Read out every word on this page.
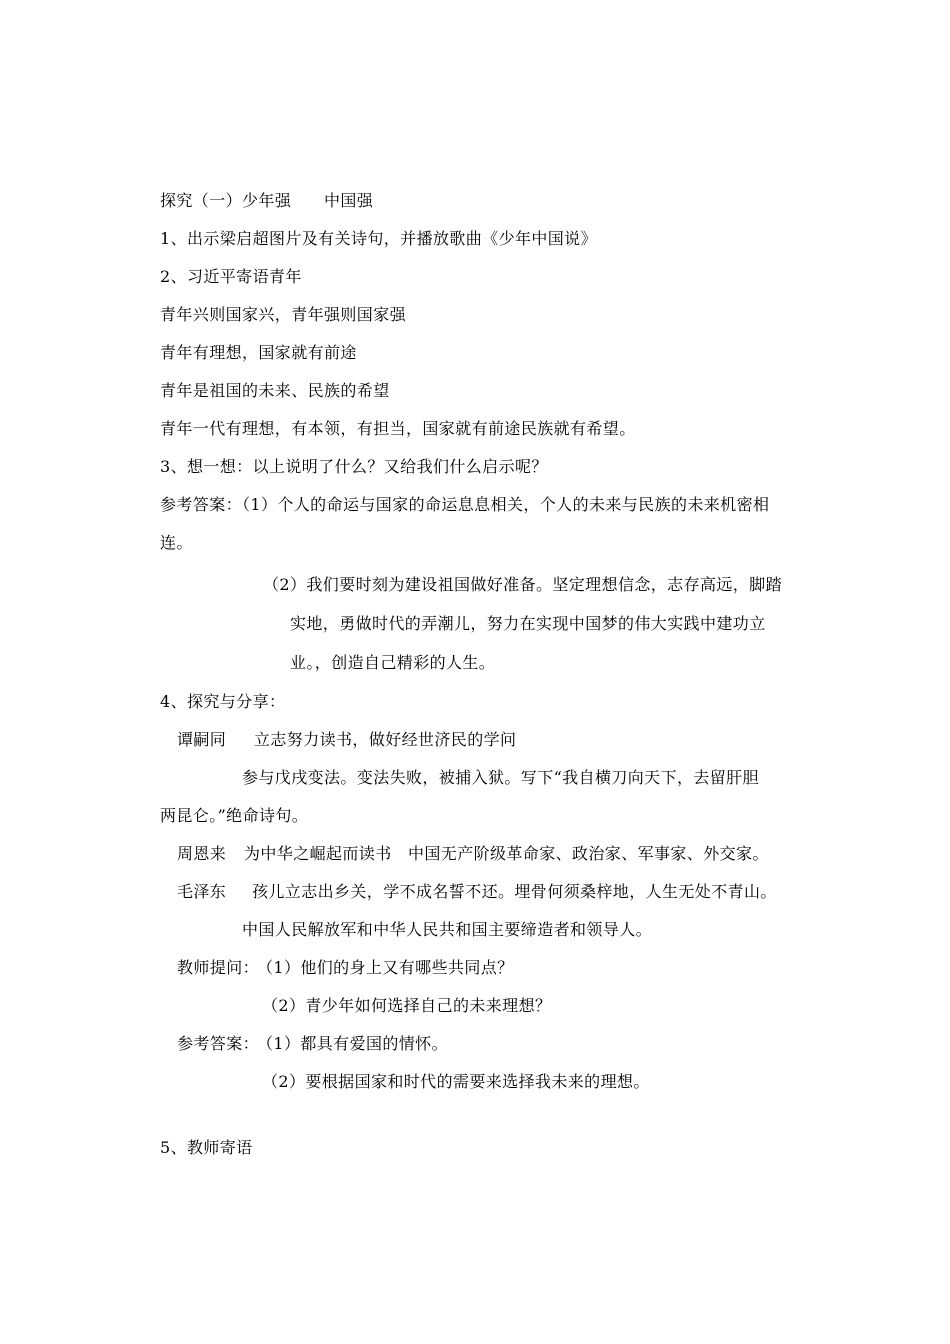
探究（一）少年强　　中国强
1、出示梁启超图片及有关诗句，并播放歌曲《少年中国说》
2、习近平寄语青年
青年兴则国家兴，青年强则国家强
青年有理想，国家就有前途
青年是祖国的未来、民族的希望
青年一代有理想，有本领，有担当，国家就有前途民族就有希望。
3、想一想：以上说明了什么？又给我们什么启示呢？
参考答案：（1）个人的命运与国家的命运息息相关，个人的未来与民族的未来机密相
连。
（2）我们要时刻为建设祖国做好准备。坚定理想信念，志存高远，脚踏
实地，勇做时代的弄潮儿，努力在实现中国梦的伟大实践中建功立
业。，创造自己精彩的人生。
4、探究与分享：
谭嗣同 立志努力读书，做好经世济民的学问
参与戊戌变法。变法失败，被捕入狱。写下“我自横刀向天下，去留肝胆
两昆仑。”绝命诗句。
周恩来 为中华之崛起而读书　中国无产阶级革命家、政治家、军事家、外交家。
毛泽东 孩儿立志出乡关，学不成名誓不还。埋骨何须桑梓地，人生无处不青山。
中国人民解放军和中华人民共和国主要缔造者和领导人。
教师提问：
（1）他们的身上又有哪些共同点？
（2）青少年如何选择自己的未来理想？
参考答案：
（1）都具有爱国的情怀。
（2）要根据国家和时代的需要来选择我未来的理想。
5、教师寄语
